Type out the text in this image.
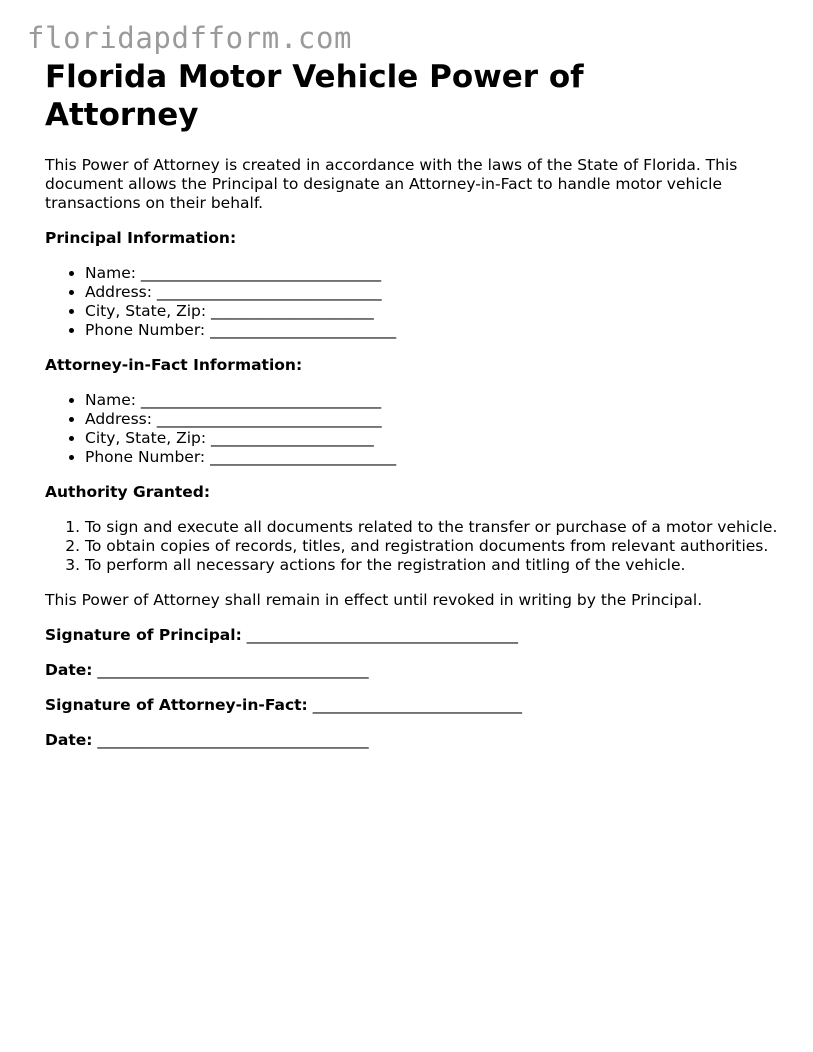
floridapdfform.com
Florida Motor Vehicle Power of Attorney

This Power of Attorney is created in accordance with the laws of the State of Florida. This document allows the Principal to designate an Attorney-in-Fact to handle motor vehicle transactions on their behalf.

Principal Information:

• Name: _______________________________
• Address: _____________________________
• City, State, Zip: _____________________
• Phone Number: ________________________

Attorney-in-Fact Information:

• Name: _______________________________
• Address: _____________________________
• City, State, Zip: _____________________
• Phone Number: ________________________

Authority Granted:

1. To sign and execute all documents related to the transfer or purchase of a motor vehicle.
2. To obtain copies of records, titles, and registration documents from relevant authorities.
3. To perform all necessary actions for the registration and titling of the vehicle.

This Power of Attorney shall remain in effect until revoked in writing by the Principal.

Signature of Principal: ___________________________________

Date: ___________________________________

Signature of Attorney-in-Fact: ___________________________

Date: ___________________________________
